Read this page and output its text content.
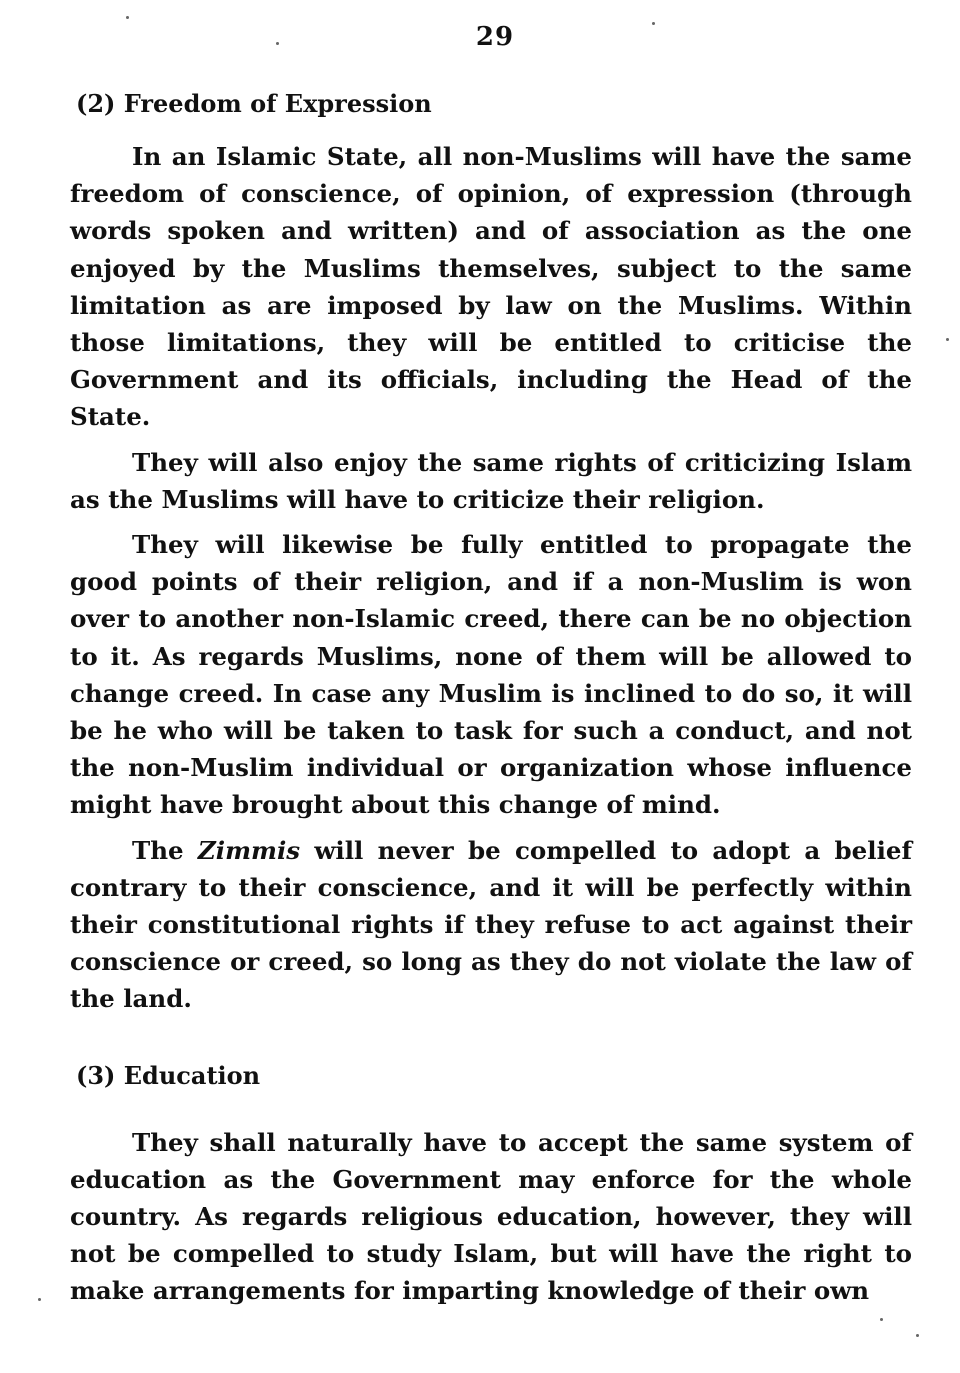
29
(2) Freedom of Expression

In an Islamic State, all non-Muslims will have the same freedom of conscience, of opinion, of expression (through words spoken and written) and of association as the one enjoyed by the Muslims themselves, subject to the same limitation as are imposed by law on the Muslims. Within those limitations, they will be entitled to criticise the Government and its officials, including the Head of the State.

They will also enjoy the same rights of criticizing Islam as the Muslims will have to criticize their religion.

They will likewise be fully entitled to propagate the good points of their religion, and if a non-Muslim is won over to another non-Islamic creed, there can be no objection to it. As regards Muslims, none of them will be allowed to change creed. In case any Muslim is inclined to do so, it will be he who will be taken to task for such a conduct, and not the non-Muslim individual or organization whose influence might have brought about this change of mind.

The Zimmis will never be compelled to adopt a belief contrary to their conscience, and it will be perfectly within their constitutional rights if they refuse to act against their conscience or creed, so long as they do not violate the law of the land.

(3) Education

They shall naturally have to accept the same system of education as the Government may enforce for the whole country. As regards religious education, however, they will not be compelled to study Islam, but will have the right to make arrangements for imparting knowledge of their own
